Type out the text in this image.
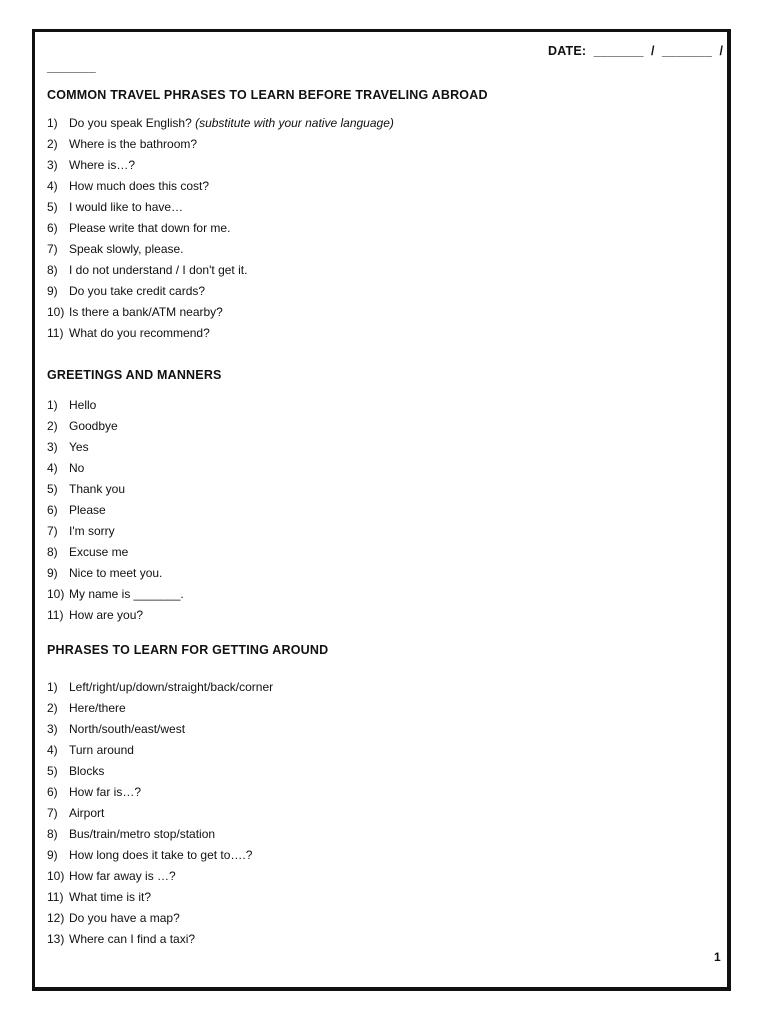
DATE:  _______  /  _______  /
_______
COMMON TRAVEL PHRASES TO LEARN BEFORE TRAVELING ABROAD
1) Do you speak English? (substitute with your native language)
2) Where is the bathroom?
3) Where is…?
4) How much does this cost?
5) I would like to have…
6) Please write that down for me.
7) Speak slowly, please.
8) I do not understand / I don't get it.
9) Do you take credit cards?
10) Is there a bank/ATM nearby?
11) What do you recommend?
GREETINGS AND MANNERS
1) Hello
2) Goodbye
3) Yes
4) No
5) Thank you
6) Please
7) I'm sorry
8) Excuse me
9) Nice to meet you.
10) My name is _______.
11) How are you?
PHRASES TO LEARN FOR GETTING AROUND
1) Left/right/up/down/straight/back/corner
2) Here/there
3) North/south/east/west
4) Turn around
5) Blocks
6) How far is…?
7) Airport
8) Bus/train/metro stop/station
9) How long does it take to get to….?
10) How far away is …?
11) What time is it?
12) Do you have a map?
13) Where can I find a taxi?
1
